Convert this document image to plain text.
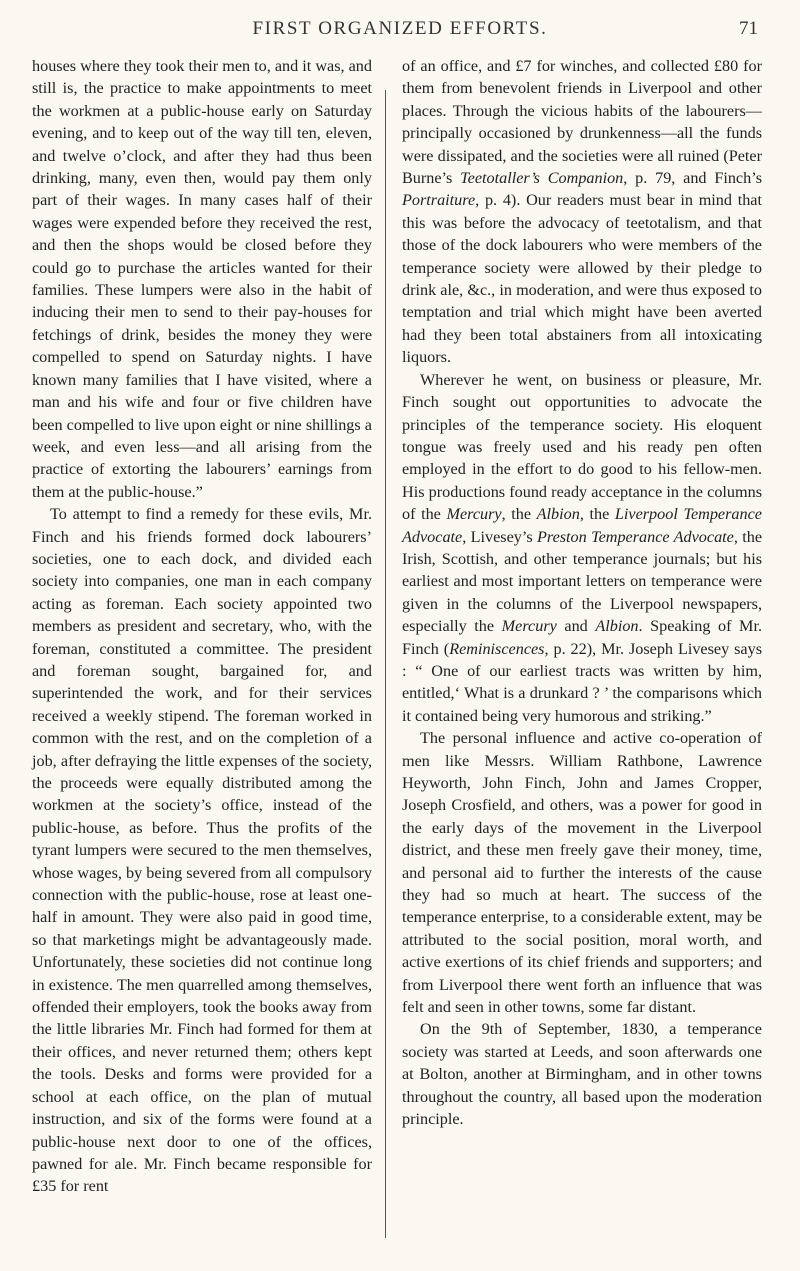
FIRST ORGANIZED EFFORTS.	71

houses where they took their men to, and it was, and still is, the practice to make appointments to meet the workmen at a public-house early on Saturday evening, and to keep out of the way till ten, eleven, and twelve o’clock, and after they had thus been drinking, many, even then, would pay them only part of their wages. In many cases half of their wages were expended before they received the rest, and then the shops would be closed before they could go to purchase the articles wanted for their families. These lumpers were also in the habit of inducing their men to send to their pay-houses for fetchings of drink, besides the money they were compelled to spend on Saturday nights. I have known many families that I have visited, where a man and his wife and four or five children have been compelled to live upon eight or nine shillings a week, and even less—and all arising from the practice of extorting the labourers’ earnings from them at the public-house.”

To attempt to find a remedy for these evils, Mr. Finch and his friends formed dock labourers’ societies, one to each dock, and divided each society into companies, one man in each company acting as foreman. Each society appointed two members as president and secretary, who, with the foreman, constituted a committee. The president and foreman sought, bargained for, and superintended the work, and for their services received a weekly stipend. The foreman worked in common with the rest, and on the completion of a job, after defraying the little expenses of the society, the proceeds were equally distributed among the workmen at the society’s office, instead of the public-house, as before. Thus the profits of the tyrant lumpers were secured to the men themselves, whose wages, by being severed from all compulsory connection with the public-house, rose at least one-half in amount. They were also paid in good time, so that marketings might be advantageously made. Unfortunately, these societies did not continue long in existence. The men quarrelled among themselves, offended their employers, took the books away from the little libraries Mr. Finch had formed for them at their offices, and never returned them; others kept the tools. Desks and forms were provided for a school at each office, on the plan of mutual instruction, and six of the forms were found at a public-house next door to one of the offices, pawned for ale. Mr. Finch became responsible for £35 for rent

of an office, and £7 for winches, and collected £80 for them from benevolent friends in Liverpool and other places. Through the vicious habits of the labourers—principally occasioned by drunkenness—all the funds were dissipated, and the societies were all ruined (Peter Burne’s Teetotaller’s Companion, p. 79, and Finch’s Portraiture, p. 4). Our readers must bear in mind that this was before the advocacy of teetotalism, and that those of the dock labourers who were members of the temperance society were allowed by their pledge to drink ale, &c., in moderation, and were thus exposed to temptation and trial which might have been averted had they been total abstainers from all intoxicating liquors.

Wherever he went, on business or pleasure, Mr. Finch sought out opportunities to advocate the principles of the temperance society. His eloquent tongue was freely used and his ready pen often employed in the effort to do good to his fellow-men. His productions found ready acceptance in the columns of the Mercury, the Albion, the Liverpool Temperance Advocate, Livesey’s Preston Temperance Advocate, the Irish, Scottish, and other temperance journals; but his earliest and most important letters on temperance were given in the columns of the Liverpool newspapers, especially the Mercury and Albion. Speaking of Mr. Finch (Reminiscences, p. 22), Mr. Joseph Livesey says : “ One of our earliest tracts was written by him, entitled,‘ What is a drunkard ? ’ the comparisons which it contained being very humorous and striking.”

The personal influence and active co-operation of men like Messrs. William Rathbone, Lawrence Heyworth, John Finch, John and James Cropper, Joseph Crosfield, and others, was a power for good in the early days of the movement in the Liverpool district, and these men freely gave their money, time, and personal aid to further the interests of the cause they had so much at heart. The success of the temperance enterprise, to a considerable extent, may be attributed to the social position, moral worth, and active exertions of its chief friends and supporters; and from Liverpool there went forth an influence that was felt and seen in other towns, some far distant.

On the 9th of September, 1830, a temperance society was started at Leeds, and soon afterwards one at Bolton, another at Birmingham, and in other towns throughout the country, all based upon the moderation principle.
